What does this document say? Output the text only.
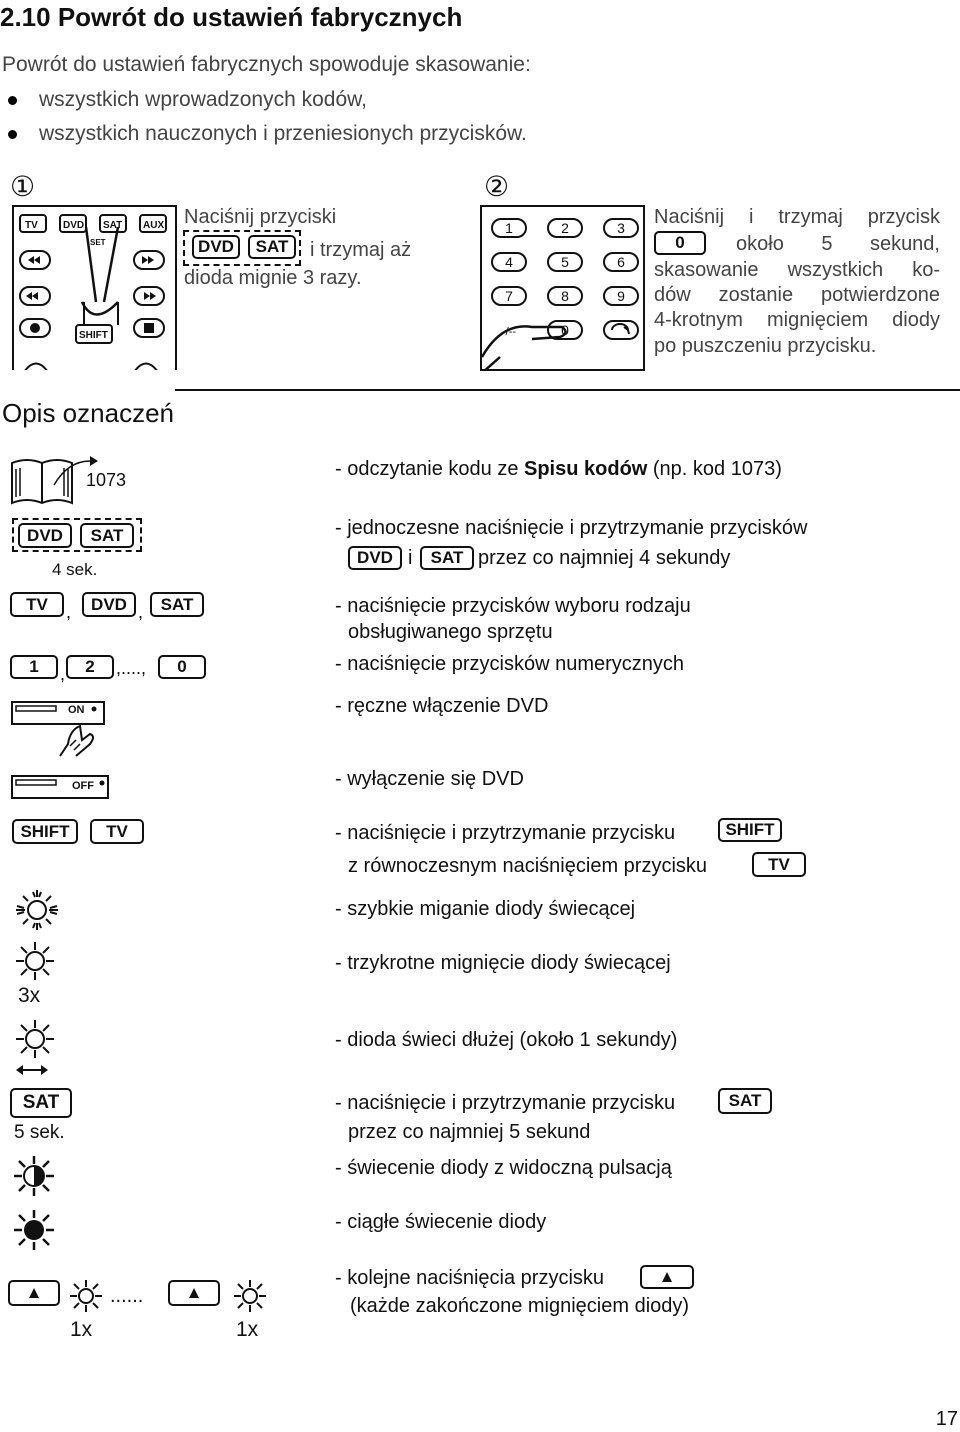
2.10 Powrót do ustawień fabrycznych
Powrót do ustawień fabrycznych spowoduje skasowanie:
wszystkich wprowadzonych kodów,
wszystkich nauczonych i przeniesionych przycisków.
①
TV	DVD SAT AUX
SHIFT
SET
Naciśnij przyciski
DVD	SAT	i trzymaj aż
dioda mignie 3 razy.
②
1	2	3
4	5	6
7	8	9
-/--	0
Naciśnij i trzymaj przycisk
0	około 5 sekund,
skasowanie wszystkich ko-
dów zostanie potwierdzone
4-krotnym mignięciem diody
po puszczeniu przycisku.
Opis oznaczeń
1073	- odczytanie kodu ze Spisu kodów (np. kod 1073)
DVD	SAT
4 sek.
- jednoczesne naciśnięcie i przytrzymanie przycisków
DVD i	SAT przez co najmniej 4 sekundy
TV	,	DVD ,	SAT	- naciśnięcie przycisków wyboru rodzaju
obsługiwanego sprzętu
1	,	2	,....,	0	- naciśnięcie przycisków numerycznych
ON	- ręczne włączenie DVD
OFF	- wyłączenie się DVD
SHIFT	TV	- naciśnięcie i przytrzymanie przycisku	SHIFT
z równoczesnym naciśnięciem przycisku	TV
- szybkie miganie diody świecącej
3x
- trzykrotne mignięcie diody świecącej
- dioda świeci dłużej (około 1 sekundy)
SAT
5 sek.
- naciśnięcie i przytrzymanie przycisku	SAT
przez co najmniej 5 sekund
- świecenie diody z widoczną pulsacją
- ciągłe świecenie diody
▲
1x
......	▲
1x
- kolejne naciśnięcia przycisku	▲
(każde zakończone mignięciem diody)
17
